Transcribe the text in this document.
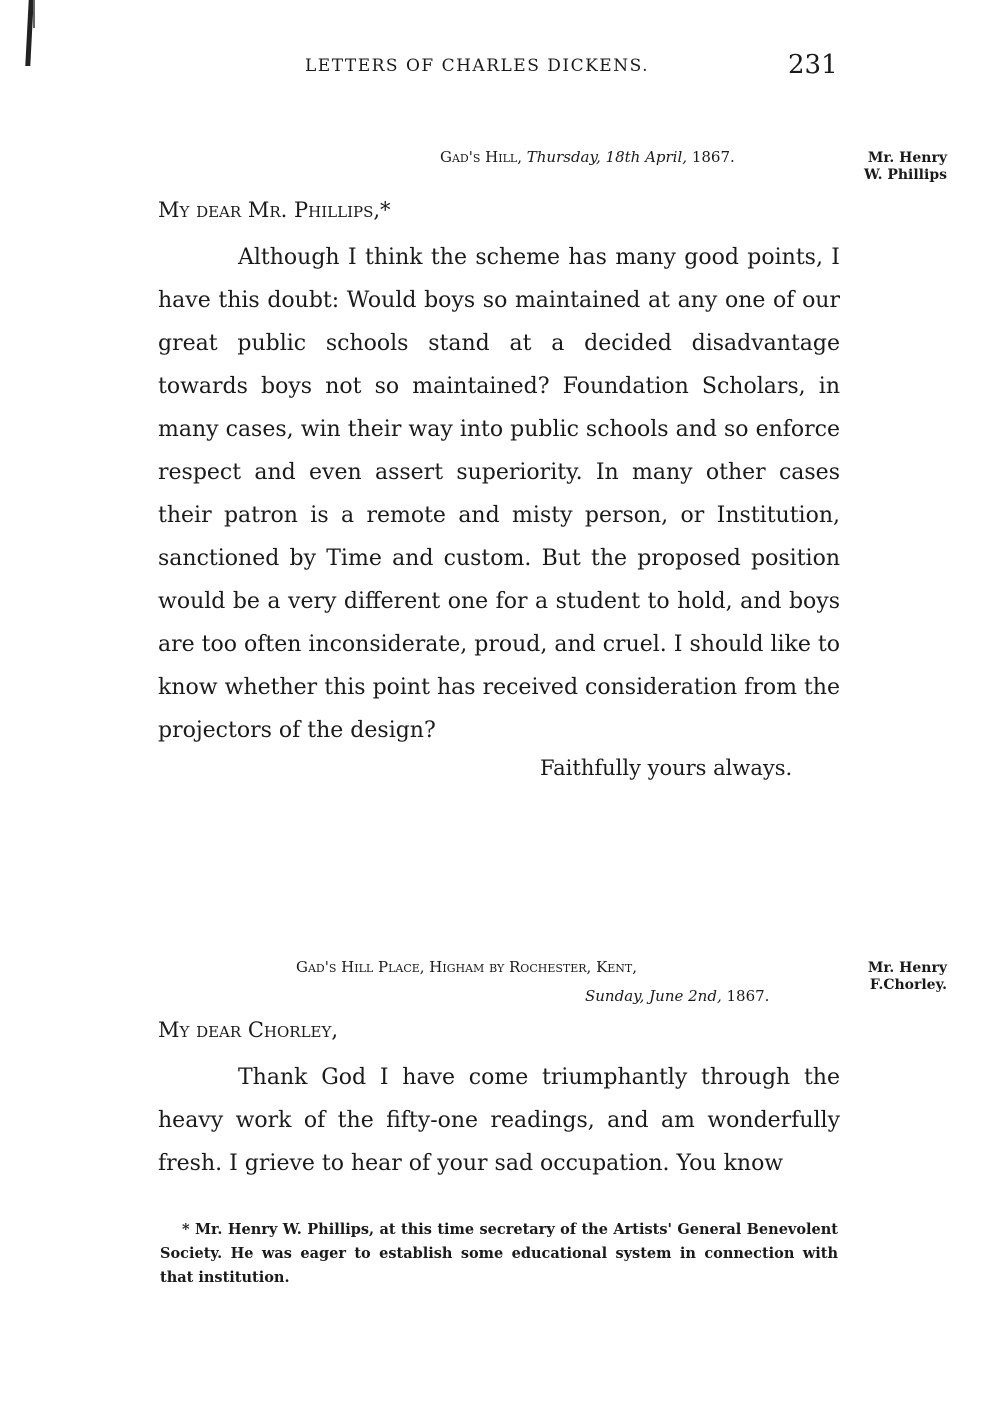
LETTERS OF CHARLES DICKENS.	231
Gad's Hill, Thursday, 18th April, 1867.	Mr. Henry
W. Phillips
My dear Mr. Phillips,*
Although I think the scheme has many good points, I have this doubt: Would boys so maintained at any one of our great public schools stand at a decided disadvantage towards boys not so maintained? Foundation Scholars, in many cases, win their way into public schools and so enforce respect and even assert superiority. In many other cases their patron is a remote and misty person, or Institution, sanctioned by Time and custom. But the proposed position would be a very different one for a student to hold, and boys are too often inconsiderate, proud, and cruel. I should like to know whether this point has received consideration from the projectors of the design?
Faithfully yours always.
Gad's Hill Place, Higham by Rochester, Kent,
Sunday, June 2nd, 1867.
Mr. Henry
F.Chorley.
My dear Chorley,
Thank God I have come triumphantly through the heavy work of the fifty-one readings, and am wonderfully fresh. I grieve to hear of your sad occupation. You know
* Mr. Henry W. Phillips, at this time secretary of the Artists' General Benevolent Society. He was eager to establish some educational system in connection with that institution.
